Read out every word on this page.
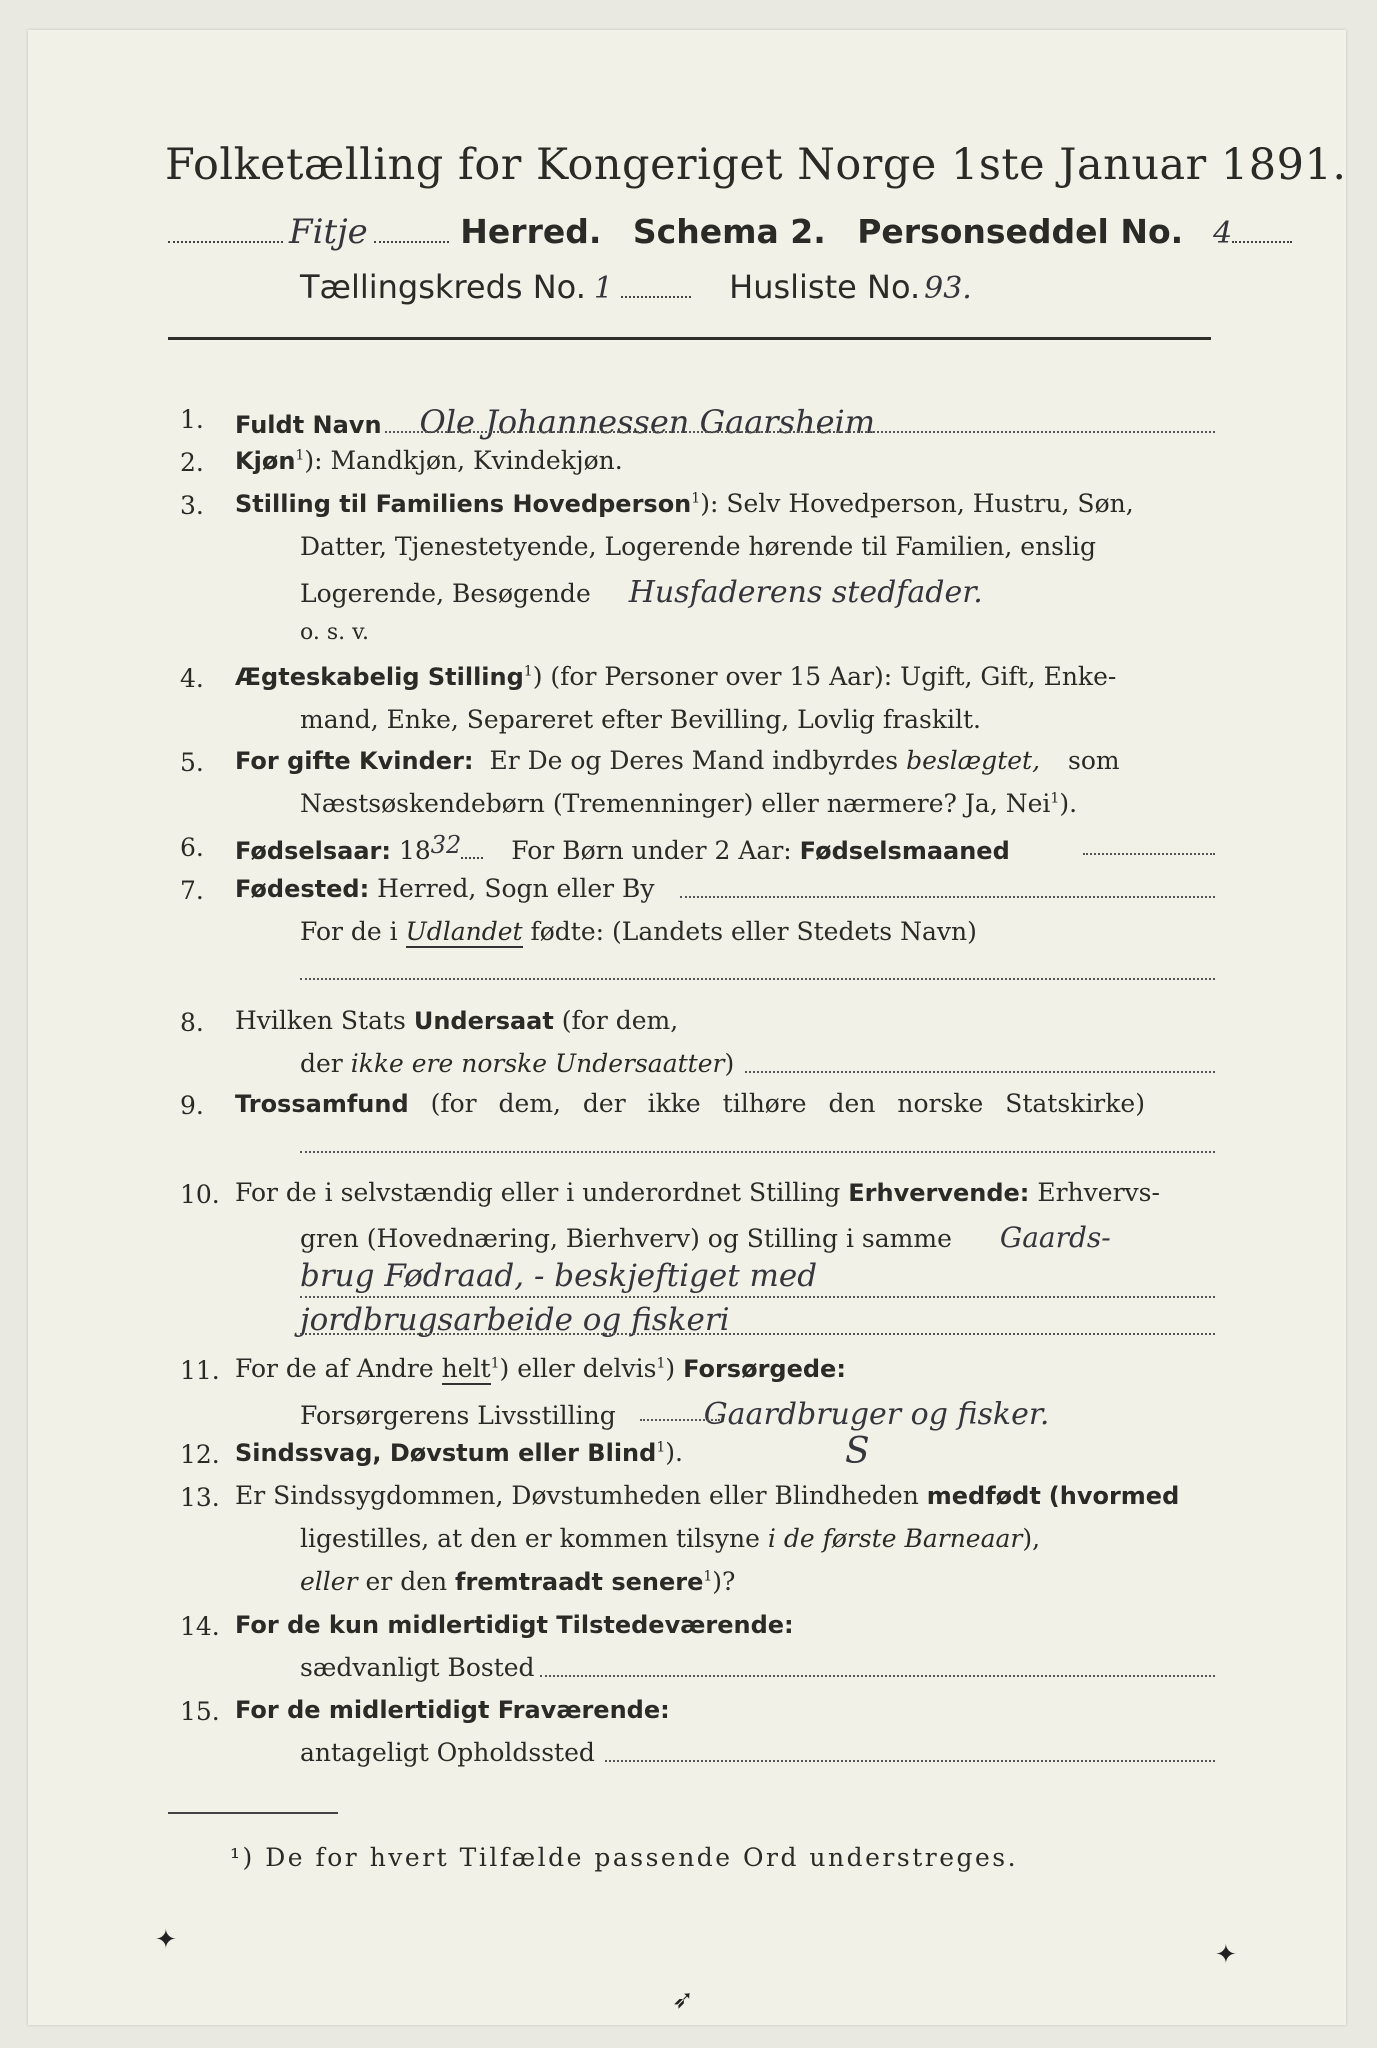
Folketælling for Kongeriget Norge 1ste Januar 1891.
Fitje	Herred. Schema 2. Personseddel No. 4
Tællingskreds No. 1	Husliste No. 93.
1.	Fuldt Navn Ole Johannessen Gaarsheim
2.	Kjøn$^1$): Mandkjøn, Kvindekjøn.
3.	Stilling til Familiens Hovedperson$^1$): Selv Hovedperson, Hustru, Søn,
Datter, Tjenestetyende, Logerende hørende til Familien, enslig
Logerende, Besøgende Husfaderens stedfader.
o. s. v.
4.	Ægteskabelig Stilling$^1$) (for Personer over 15 Aar): Ugift, Gift, Enke-
mand, Enke, Separeret efter Bevilling, Lovlig fraskilt.
5.	For gifte Kvinder: Er De og Deres Mand indbyrdes beslægtet, som
Næstsøskendebørn (Tremenninger) eller nærmere? Ja, Nei$^1$).
6.	Fødselsaar: 1832 For Børn under 2 Aar: Fødselsmaaned
7.	Fødested: Herred, Sogn eller By
For de i Udlandet fødte: (Landets eller Stedets Navn)
8.	Hvilken Stats Undersaat (for dem,
der ikke ere norske Undersaatter)
9.	Trossamfund (for dem, der ikke tilhøre den norske Statskirke)
10. For de i selvstændig eller i underordnet Stilling Erhvervende: Erhvervs-
gren (Hovednæring, Bierhverv) og Stilling i samme Gaards-
brug Fødraad, - beskjeftiget med
jordbrugsarbeide og fiskeri
11. For de af Andre helt$^1$) eller delvis$^1$) Forsørgede:
Forsørgerens Livsstilling	Gaardbruger og fisker.
12. Sindssvag, Døvstum eller Blind$^1$).	S
13. Er Sindssygdommen, Døvstumheden eller Blindheden medfødt (hvormed
ligestilles, at den er kommen tilsyne i de første Barneaar),
eller er den fremtraadt senere$^1$)?
14. For de kun midlertidigt Tilstedeværende:
sædvanligt Bosted
15. For de midlertidigt Fraværende:
antageligt Opholdssted
¹) De for hvert Tilfælde passende Ord understreges.
✦
➶
✦
